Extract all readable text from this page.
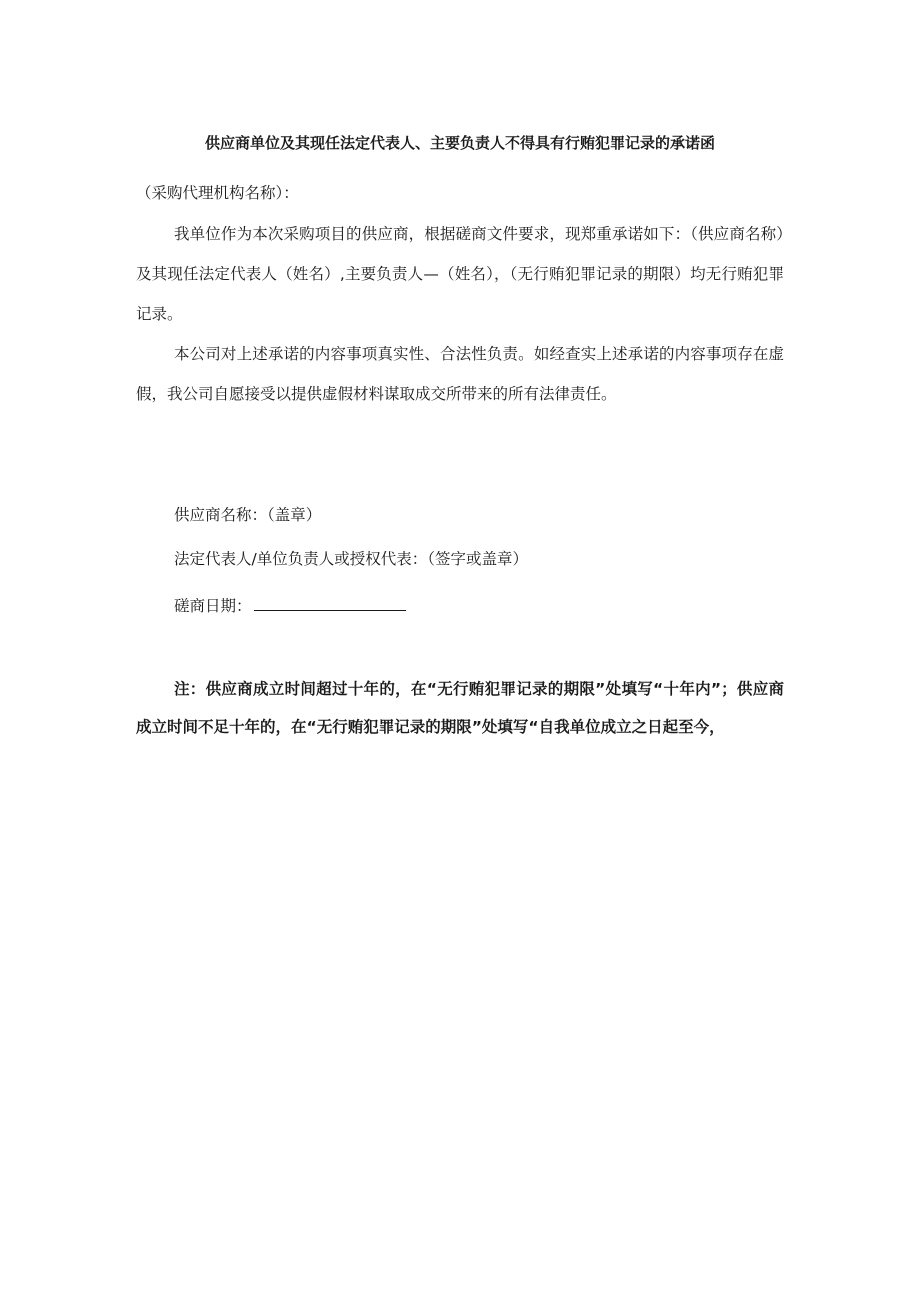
供应商单位及其现任法定代表人、主要负责人不得具有行贿犯罪记录的承诺函
（采购代理机构名称）：
我单位作为本次采购项目的供应商，根据磋商文件要求，现郑重承诺如下：（供应商名称）及其现任法定代表人（姓名）,主要负责人—（姓名），（无行贿犯罪记录的期限）均无行贿犯罪记录。
本公司对上述承诺的内容事项真实性、合法性负责。如经查实上述承诺的内容事项存在虚假，我公司自愿接受以提供虚假材料谋取成交所带来的所有法律责任。
供应商名称：（盖章）
法定代表人/单位负责人或授权代表：（签字或盖章）
磋商日期：
注：供应商成立时间超过十年的，在“无行贿犯罪记录的期限”处填写“十年内”；供应商成立时间不足十年的，在“无行贿犯罪记录的期限”处填写“自我单位成立之日起至今，
